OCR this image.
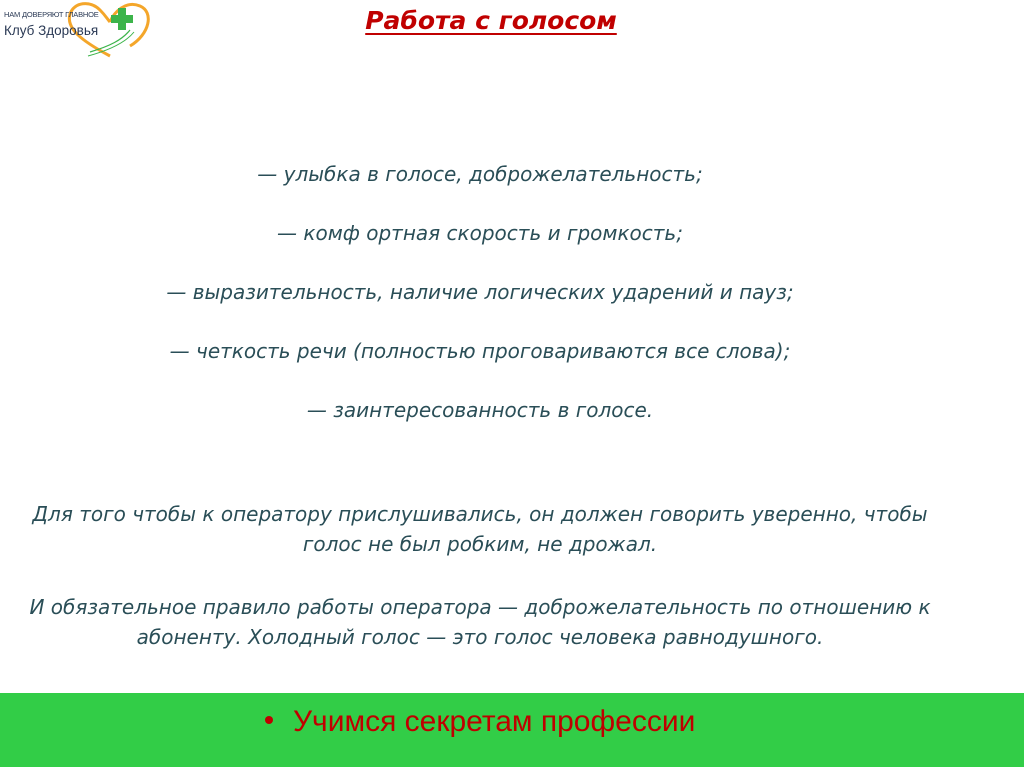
НАМ ДОВЕРЯЮТ ГЛАВНОЕ
Клуб Здоровья	Работа с голосом
— улыбка в голосе, доброжелательность;
— комф ортная скорость и громкость;
— выразительность, наличие логических ударений и пауз;
— четкость речи (полностью проговариваются все слова);
— заинтересованность в голосе.
Для того чтобы к оператору прислушивались, он должен говорить уверенно, чтобы голос не был робким, не дрожал.
И обязательное правило работы оператора — доброжелательность по отношению к абоненту. Холодный голос — это голос человека равнодушного.
Учимся секретам профессии
